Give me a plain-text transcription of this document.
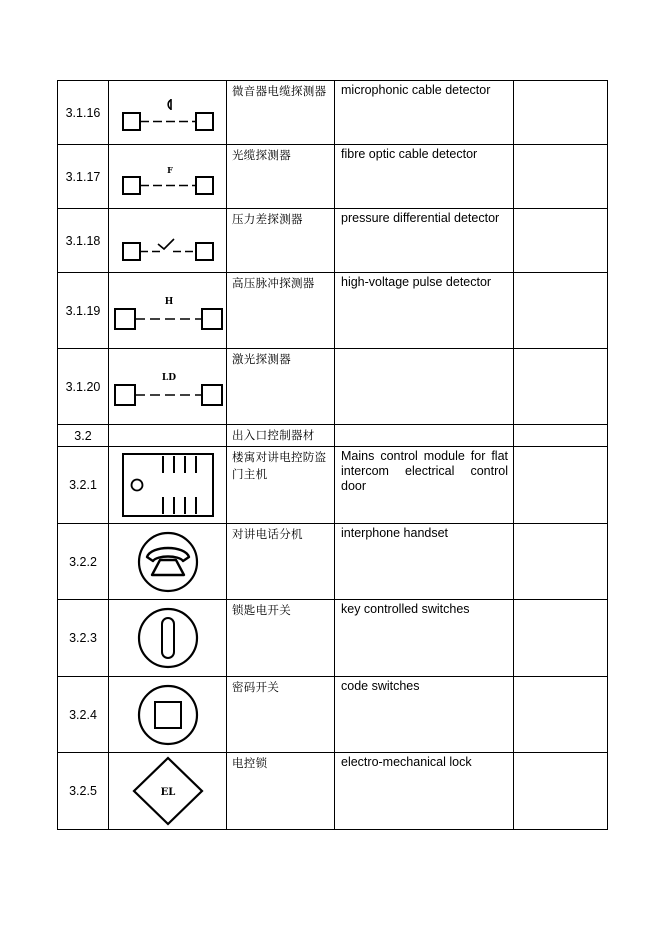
3.1.16		微音器电缆探测器	microphonic cable detector	
3.1.17	F	光缆探测器	fibre optic cable detector	
3.1.18		压力差探测器	pressure differential detector	
3.1.19	H	高压脉冲探测器	high-voltage pulse detector	
3.1.20	LD	激光探测器		
3.2		出入口控制器材		
3.2.1		楼寓对讲电控防盗门主机	Mains control module for flat intercom electrical control door	
3.2.2		对讲电话分机	interphone handset	
3.2.3		锁匙电开关	key controlled switches	
3.2.4		密码开关	code switches	
3.2.5	EL	电控锁	electro-mechanical lock	
